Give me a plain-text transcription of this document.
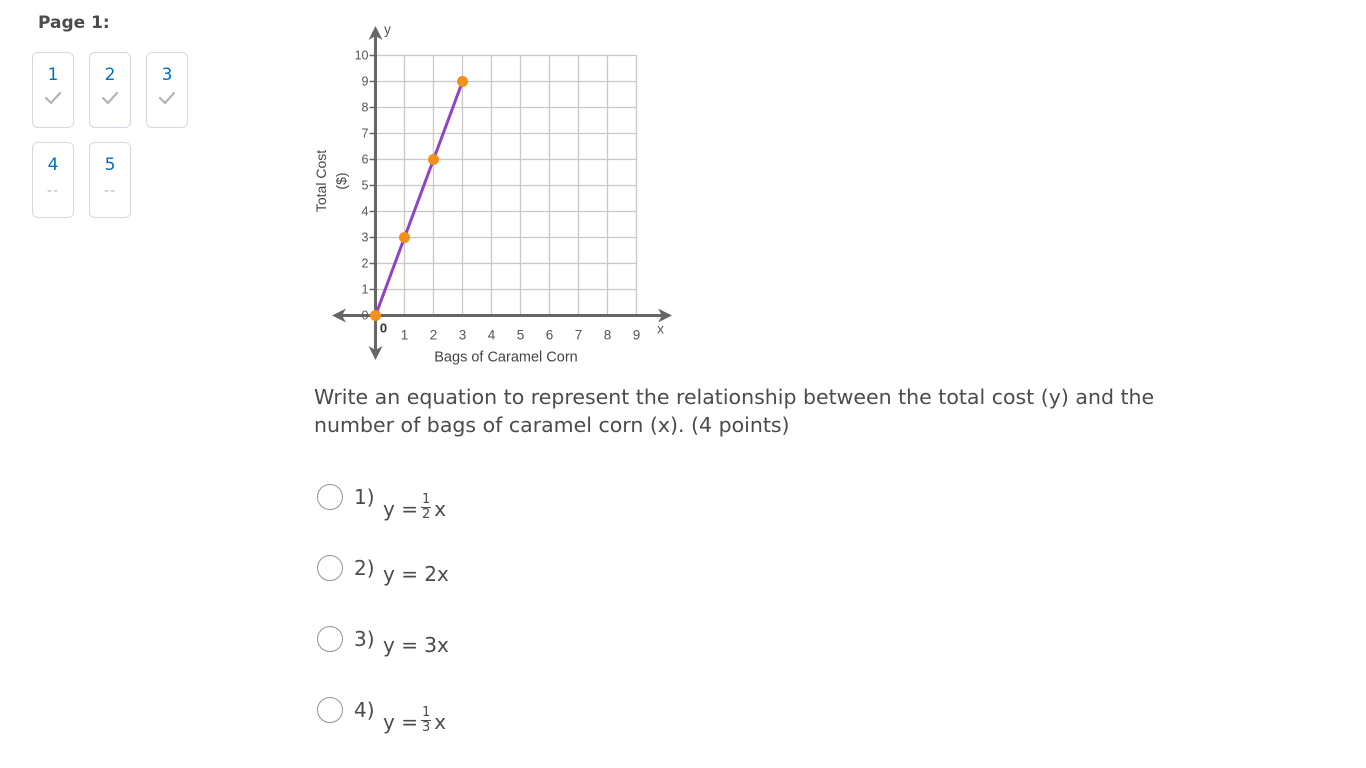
Page 1:
1	2	3
4
--
5
--
0
1
2
3
4
5
6
7
8
9
10
1 2 3 4 5 6 7 8 9
0	x
y
Bags of Caramel Corn
Total Cost ($)
Write an equation to represent the relationship between the total cost (y) and the number of bags of caramel corn (x). (4 points)
1) $y = \frac{1}{2}$ x
2) y = 2x
3) y = 3x
4) $y = \frac{1}{3}$ x
